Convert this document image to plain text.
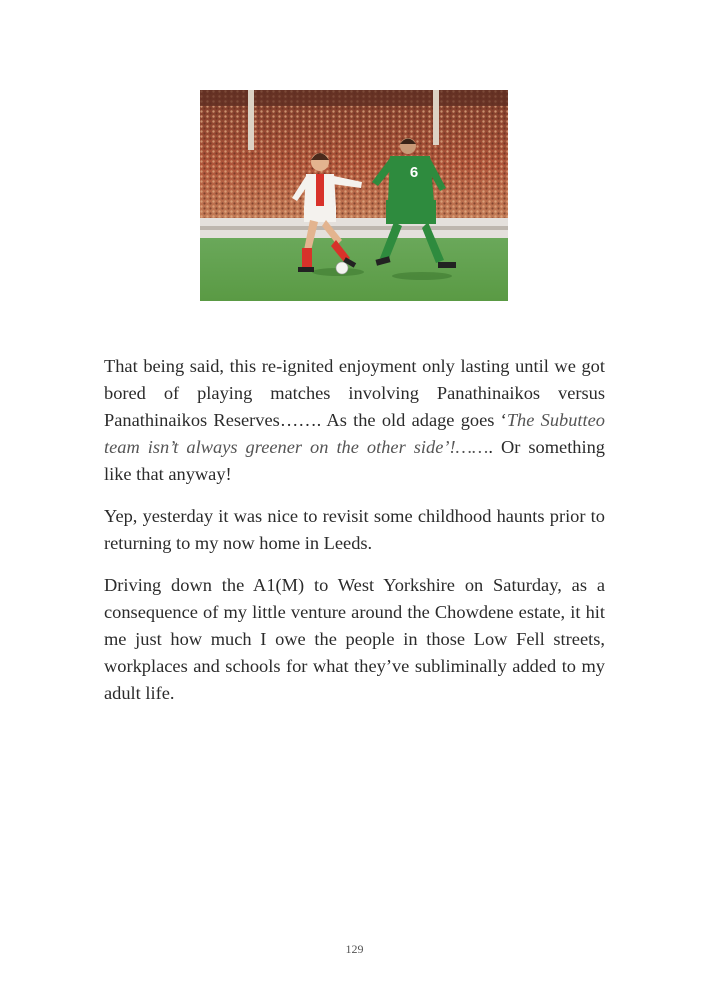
6

That being said, this re-ignited enjoyment only lasting until we got bored of playing matches involving Panathinaikos versus Panathinaikos Reserves……. As the old adage goes ‘The Subutteo team isn’t always greener on the other side’!……. Or something like that anyway!

Yep, yesterday it was nice to revisit some childhood haunts prior to returning to my now home in Leeds.

Driving down the A1(M) to West Yorkshire on Saturday, as a consequence of my little venture around the Chowdene estate, it hit me just how much I owe the people in those Low Fell streets, workplaces and schools for what they’ve subliminally added to my adult life.

129
